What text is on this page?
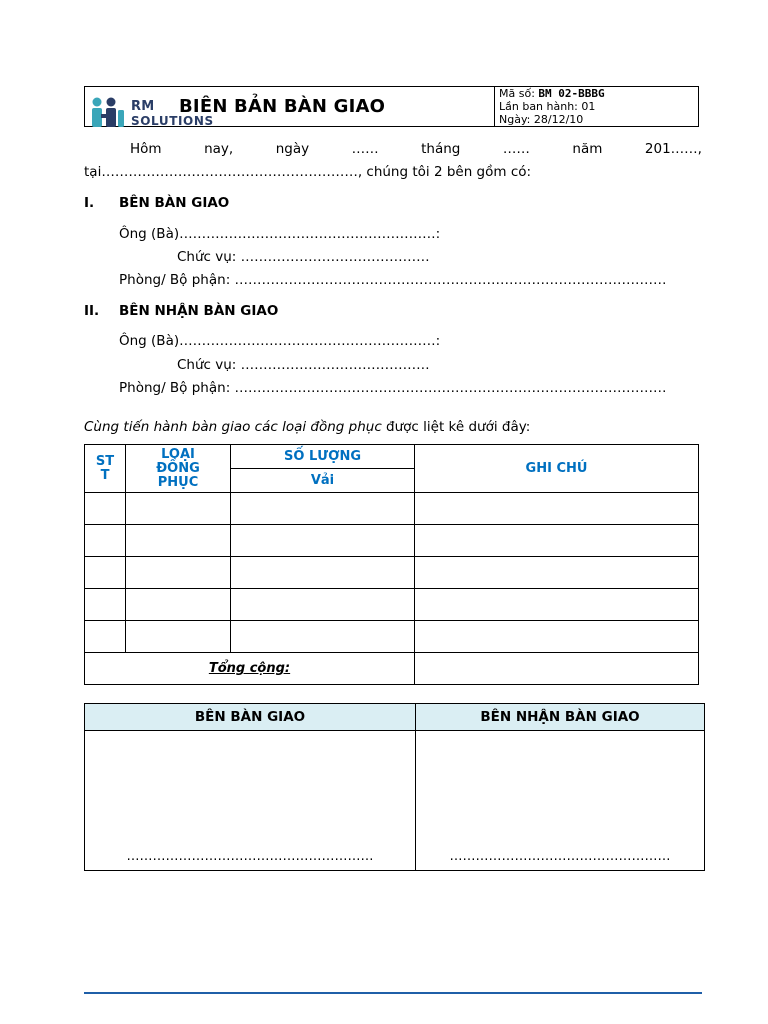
RM
SOLUTIONS
BIÊN BẢN BÀN GIAO
Mã số: BM 02-BBBG
Lần ban hành: 01
Ngày: 28/12/10
Hôm	nay,	ngày	……	tháng	……	năm	201……,
tại…………………………………………………, chúng tôi 2 bên gồm có:
I. BÊN BÀN GIAO
Ông (Bà)…………………………………………………:
Chức vụ: ……………………………………
Phòng/ Bộ phận: ……………………………………………………………………………………
II. BÊN NHẬN BÀN GIAO
Ông (Bà)…………………………………………………:
Chức vụ: ……………………………………
Phòng/ Bộ phận: ……………………………………………………………………………………
Cùng tiến hành bàn giao các loại đồng phục được liệt kê dưới đây:
ST T	LOẠI ĐỒNG PHỤC	SỐ LƯỢNG	GHI CHÚ
		Vải	

Tổng cộng:			
BÊN BÀN GIAO	BÊN NHẬN BÀN GIAO
…………………………………………………	……………………………………………
